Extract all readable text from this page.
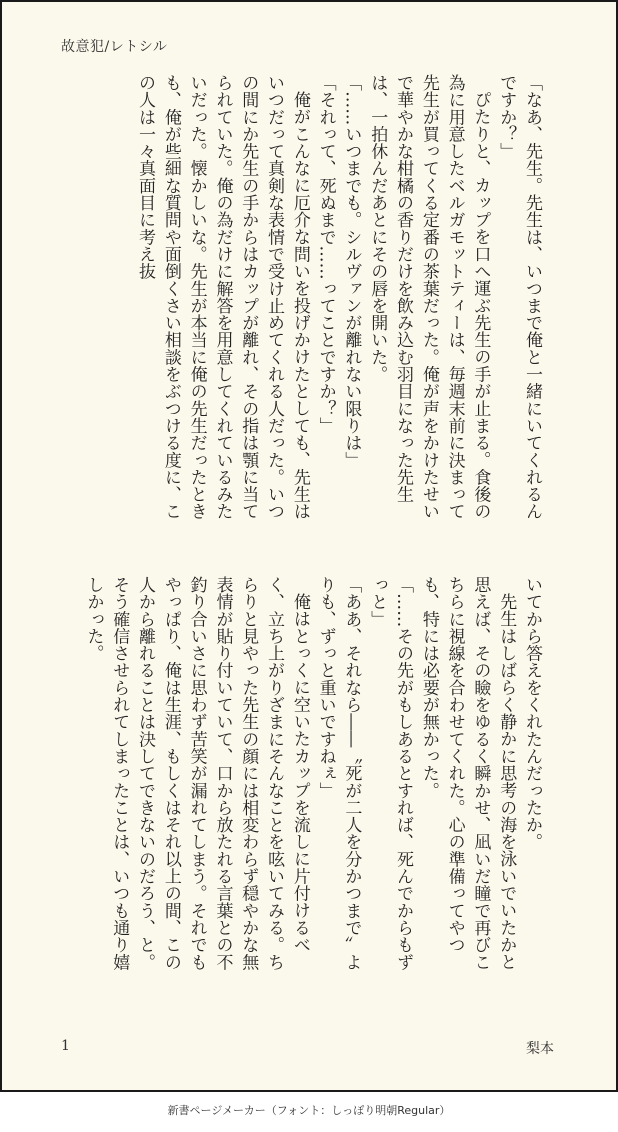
故意犯/レトシル

「なあ、先生。先生は、いつまで俺と一緒にいてくれるんですか？」

ぴたりと、カップを口へ運ぶ先生の手が止まる。食後の為に用意したベルガモットティーは、毎週末前に決まって先生が買ってくる定番の茶葉だった。俺が声をかけたせいで華やかな柑橘の香りだけを飲み込む羽目になった先生は、一拍休んだあとにその唇を開いた。

「……いつまでも。シルヴァンが離れない限りは」

「それって、死ぬまで……ってことですか？」

俺がこんなに厄介な問いを投げかけたとしても、先生はいつだって真剣な表情で受け止めてくれる人だった。いつの間にか先生の手からはカップが離れ、その指は顎に当てられていた。俺の為だけに解答を用意してくれているみたいだった。懐かしいな。先生が本当に俺の先生だったときも、俺が些細な質問や面倒くさい相談をぶつける度に、この人は一々真面目に考え抜

いてから答えをくれたんだったか。

先生はしばらく静かに思考の海を泳いでいたかと思えば、その瞼をゆるく瞬かせ、凪いだ瞳で再びこちらに視線を合わせてくれた。心の準備ってやつも、特には必要が無かった。

「……その先がもしあるとすれば、死んでからもずっと」

「ああ、それなら――〝死が二人を分かつまで〟よりも、ずっと重いですねぇ」

俺はとっくに空いたカップを流しに片付けるべく、立ち上がりざまにそんなことを呟いてみる。ちらりと見やった先生の顔には相変わらず穏やかな無表情が貼り付いていて、口から放たれる言葉との不釣り合いさに思わず苦笑が漏れてしまう。それでもやっぱり、俺は生涯、もしくはそれ以上の間、この人から離れることは決してできないのだろう、と。そう確信させられてしまったことは、いつも通り嬉しかった。

1	梨本
新書ページメーカー（フォント：しっぽり明朝Regular）
